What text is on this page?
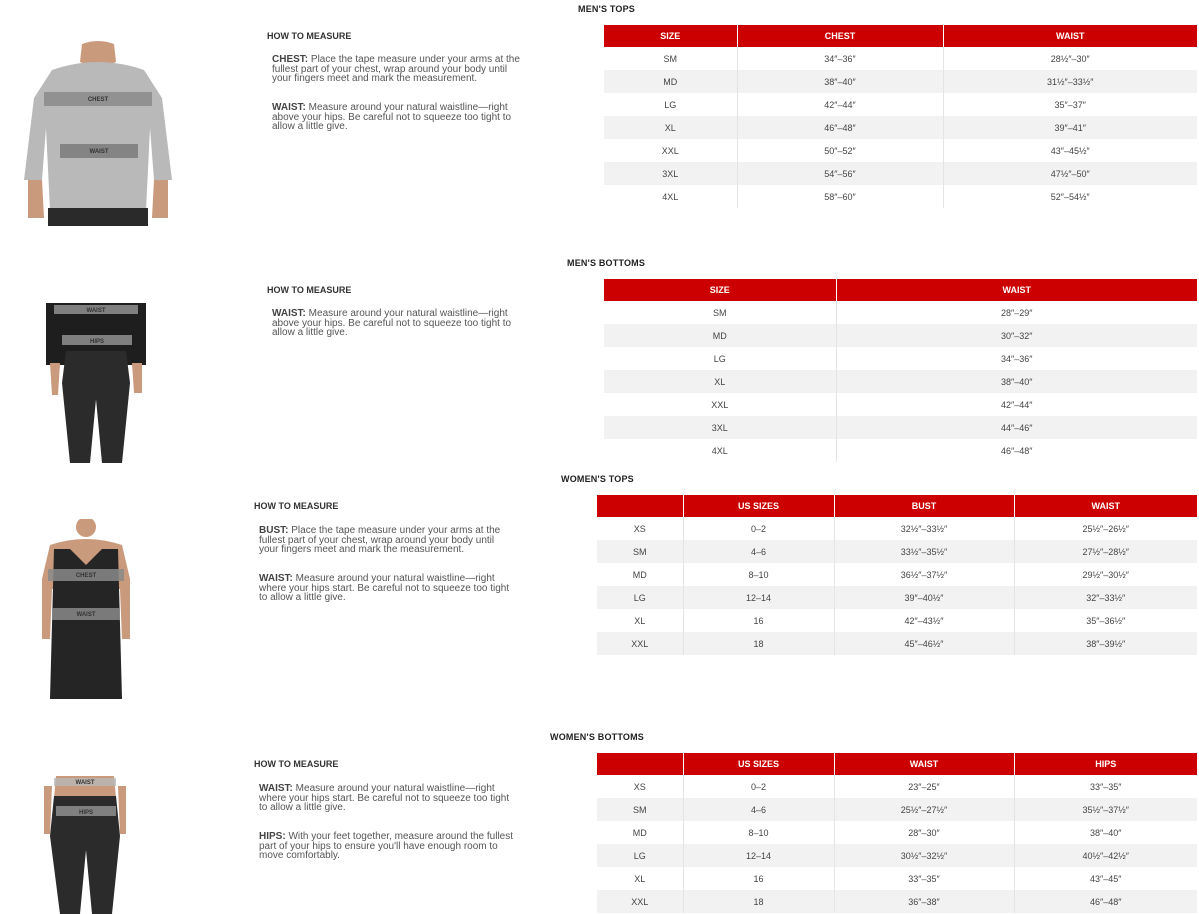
MEN'S TOPS
CHEST
WAIST
HOW TO MEASURE
CHEST: Place the tape measure under your arms at the fullest part of your chest, wrap around your body until your fingers meet and mark the measurement.
WAIST: Measure around your natural waistline—right above your hips. Be careful not to squeeze too tight to allow a little give.
SIZE	CHEST	WAIST
SM	34″–36″	28½″–30″
MD	38″–40″	31½″–33½″
LG	42″–44″	35″–37″
XL	46″–48″	39″–41″
XXL	50″–52″	43″–45½″
3XL	54″–56″	47½″–50″
4XL	58″–60″	52″–54½″
MEN'S BOTTOMS
WAIST
HIPS
HOW TO MEASURE
WAIST: Measure around your natural waistline—right above your hips. Be careful not to squeeze too tight to allow a little give.
SIZE	WAIST
SM	28″–29″
MD	30″–32″
LG	34″–36″
XL	38″–40″
XXL	42″–44″
3XL	44″–46″
4XL	46″–48″
WOMEN'S TOPS
CHEST
WAIST
HOW TO MEASURE
BUST: Place the tape measure under your arms at the fullest part of your chest, wrap around your body until your fingers meet and mark the measurement.
WAIST: Measure around your natural waistline—right where your hips start. Be careful not to squeeze too tight to allow a little give.
	US SIZES	BUST	WAIST
XS	0–2	32½″–33½″	25½″–26½″
SM	4–6	33½″–35½″	27½″–28½″
MD	8–10	36½″–37½″	29½″–30½″
LG	12–14	39″–40½″	32″–33½″
XL	16	42″–43½″	35″–36½″
XXL	18	45″–46½″	38″–39½″
WOMEN'S BOTTOMS
WAIST
HIPS
HOW TO MEASURE
WAIST: Measure around your natural waistline—right where your hips start. Be careful not to squeeze too tight to allow a little give.
HIPS: With your feet together, measure around the fullest part of your hips to ensure you'll have enough room to move comfortably.
	US SIZES	WAIST	HIPS
XS	0–2	23″–25″	33″–35″
SM	4–6	25½″–27½″	35½″–37½″
MD	8–10	28″–30″	38″–40″
LG	12–14	30½″–32½″	40½″–42½″
XL	16	33″–35″	43″–45″
XXL	18	36″–38″	46″–48″
